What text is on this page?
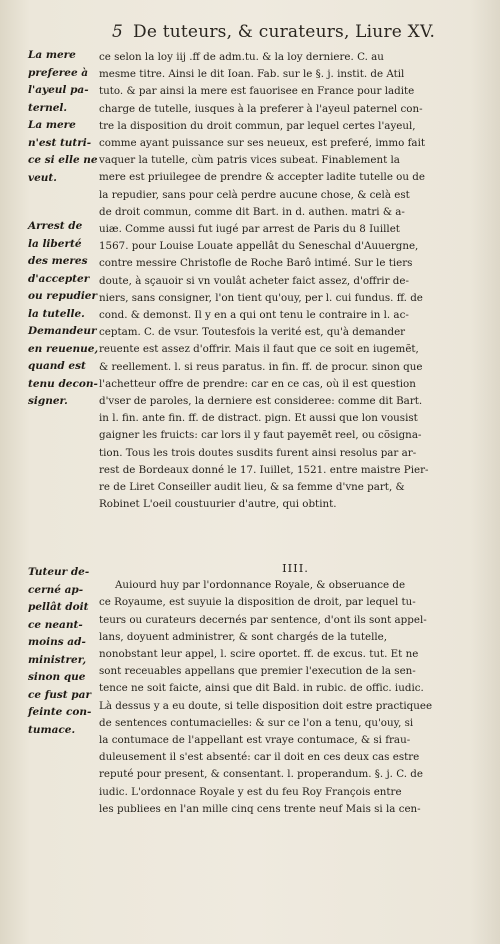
5 De tuteurs, & curateurs, Liure XV.
La mere
preferee à
l'ayeul pa-
ternel.
La mere
n'est tutri-
ce si elle ne
veut.
Arrest de
la liberté
des meres
d'accepter
ou repudier
la tutelle.
Demandeur
en reuenue,
quand est
tenu decon-
signer.
Tuteur de-
cerné ap-
pellât doit
ce neant-
moins ad-
ministrer,
sinon que
ce fust par
feinte con-
tumace.
ce selon la loy iij .ff de adm.tu. & la loy derniere. C. au
mesme titre. Ainsi le dit Ioan. Fab. sur le §. j. instit. de Atil
tuto. & par ainsi la mere est fauorisee en France pour ladite
charge de tutelle, iusques à la preferer à l'ayeul paternel con-
tre la disposition du droit commun, par lequel certes l'ayeul,
comme ayant puissance sur ses neueux, est preferé, immo fait
vaquer la tutelle, cùm patris vices subeat. Finablement la
mere est priuilegee de prendre & accepter ladite tutelle ou de
la repudier, sans pour celà perdre aucune chose, & celà est
de droit commun, comme dit Bart. in d. authen. matri & a-
uiæ. Comme aussi fut iugé par arrest de Paris du 8 Iuillet
1567. pour Louise Louate appellât du Seneschal d'Auuergne,
contre messire Christofle de Roche Barô intimé. Sur le tiers
doute, à sçauoir si vn voulât acheter faict assez, d'offrir de-
niers, sans consigner, l'on tient qu'ouy, per l. cui fundus. ff. de
cond. & demonst. Il y en a qui ont tenu le contraire in l. ac-
ceptam. C. de vsur. Toutesfois la verité est, qu'à demander
reuente est assez d'offrir. Mais il faut que ce soit en iugemẽt,
& reellement. l. si reus paratus. in fin. ff. de procur. sinon que
l'achetteur offre de prendre: car en ce cas, où il est question
d'vser de paroles, la derniere est consideree: comme dit Bart.
in l. fin. ante fin. ff. de distract. pign. Et aussi que lon vousist
gaigner les fruicts: car lors il y faut payemẽt reel, ou cõsigna-
tion. Tous les trois doutes susdits furent ainsi resolus par ar-
rest de Bordeaux donné le 17. Iuillet, 1521. entre maistre Pier-
re de Liret Conseiller audit lieu, & sa femme d'vne part, &
Robinet L'oeil coustuurier d'autre, qui obtint.
IIII.
Auiourd huy par l'ordonnance Royale, & obseruance de
ce Royaume, est suyuie la disposition de droit, par lequel tu-
teurs ou curateurs decernés par sentence, d'ont ils sont appel-
lans, doyuent administrer, & sont chargés de la tutelle,
nonobstant leur appel, l. scire oportet. ff. de excus. tut. Et ne
sont receuables appellans que premier l'execution de la sen-
tence ne soit faicte, ainsi que dit Bald. in rubic. de offic. iudic.
Là dessus y a eu doute, si telle disposition doit estre practiquee
de sentences contumacielles: & sur ce l'on a tenu, qu'ouy, si
la contumace de l'appellant est vraye contumace, & si frau-
duleusement il s'est absenté: car il doit en ces deux cas estre
reputé pour present, & consentant. l. properandum. §. j. C. de
iudic. L'ordonnace Royale y est du feu Roy François entre
les publiees en l'an mille cinq cens trente neuf Mais si la cen-
